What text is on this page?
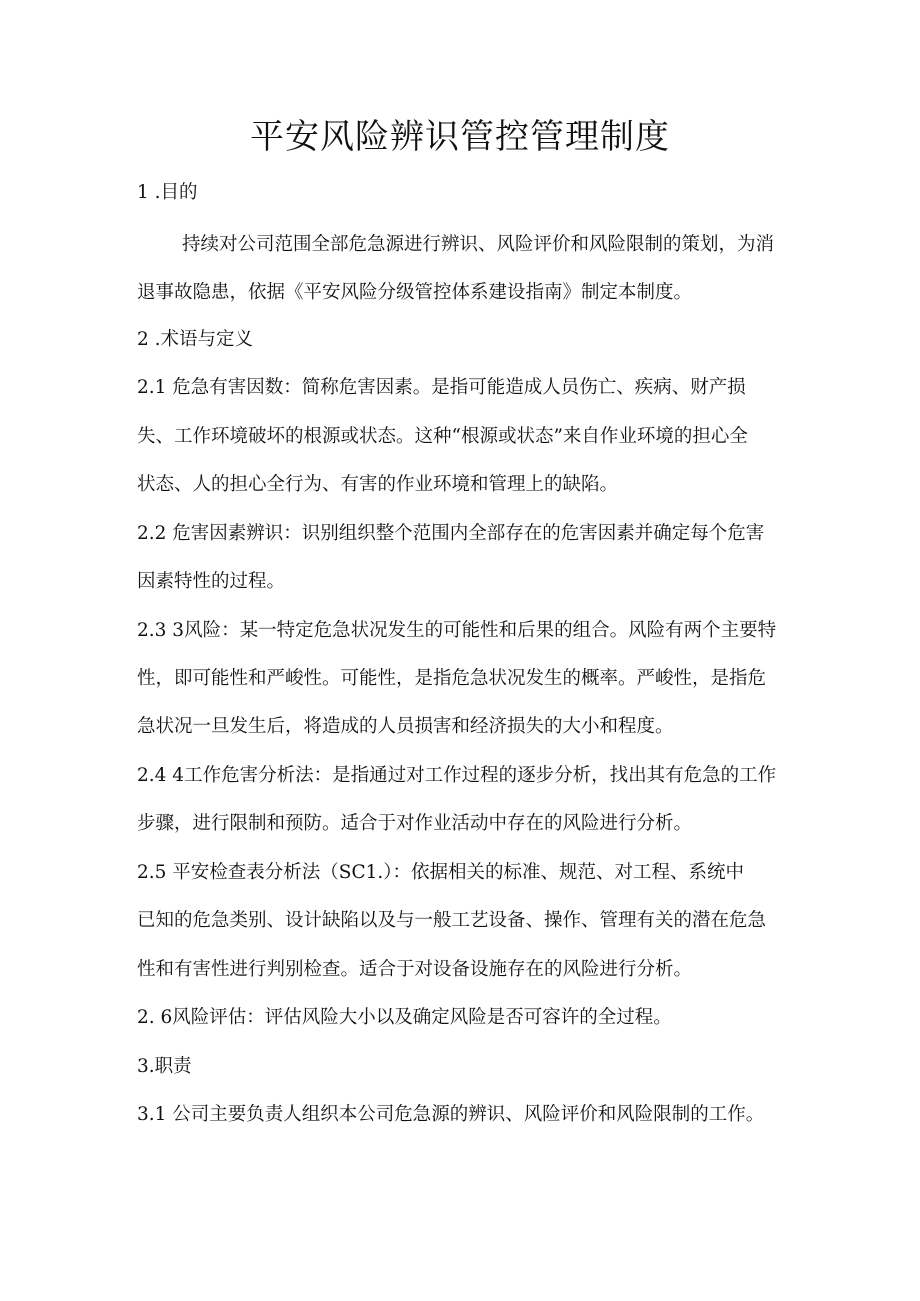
平安风险辨识管控管理制度

1 .目的

持续对公司范围全部危急源进行辨识、风险评价和风险限制的策划，为消

退事故隐患，依据《平安风险分级管控体系建设指南》制定本制度。

2 .术语与定义

2.1 危急有害因数：简称危害因素。是指可能造成人员伤亡、疾病、财产损

失、工作环境破坏的根源或状态。这种“根源或状态”来自作业环境的担心全

状态、人的担心全行为、有害的作业环境和管理上的缺陷。

2.2 危害因素辨识：识别组织整个范围内全部存在的危害因素并确定每个危害

因素特性的过程。

2.3 3风险：某一特定危急状况发生的可能性和后果的组合。风险有两个主要特

性，即可能性和严峻性。可能性，是指危急状况发生的概率。严峻性，是指危

急状况一旦发生后，将造成的人员损害和经济损失的大小和程度。

2.4 4工作危害分析法：是指通过对工作过程的逐步分析，找出其有危急的工作

步骤，进行限制和预防。适合于对作业活动中存在的风险进行分析。

2.5 平安检查表分析法（SC1.）：依据相关的标准、规范、对工程、系统中

已知的危急类别、设计缺陷以及与一般工艺设备、操作、管理有关的潜在危急

性和有害性进行判别检查。适合于对设备设施存在的风险进行分析。

2. 6风险评估：评估风险大小以及确定风险是否可容许的全过程。

3.职责

3.1 公司主要负责人组织本公司危急源的辨识、风险评价和风险限制的工作。
